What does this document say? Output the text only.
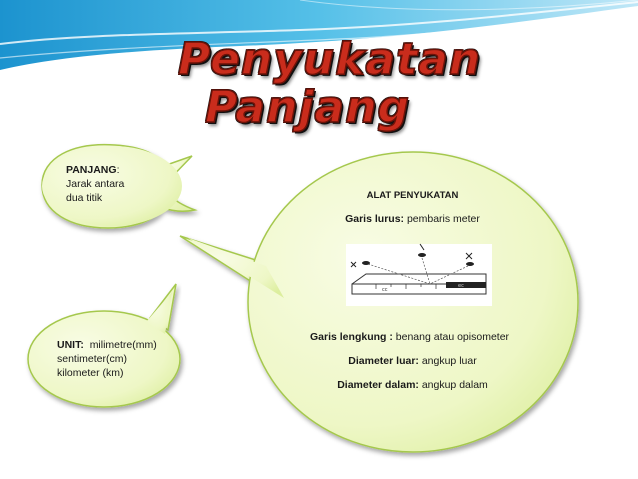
cc
ec
Penyukatan
Panjang
PANJANG:
Jarak antara
dua titik
UNIT: milimetre(mm)
sentimeter(cm)
kilometer (km)
ALAT PENYUKATAN
Garis lurus: pembaris meter
Garis lengkung : benang atau opisometer
Diameter luar: angkup luar
Diameter dalam: angkup dalam
